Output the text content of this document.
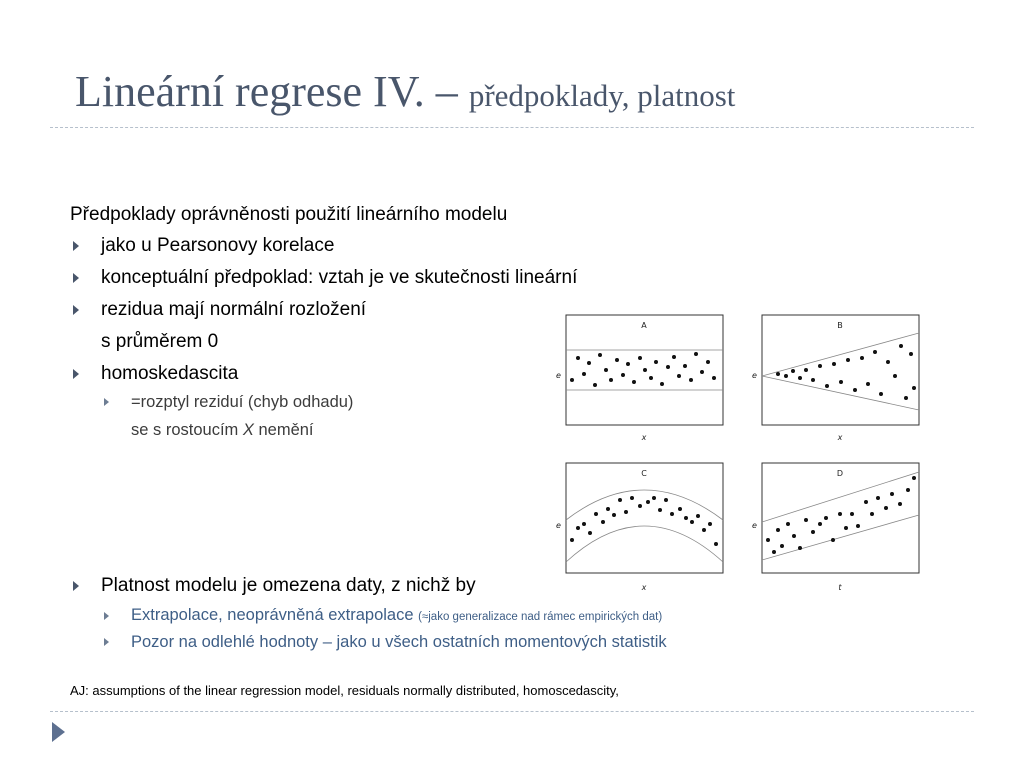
Lineární regrese IV. – předpoklady, platnost
Předpoklady oprávněnosti použití lineárního modelu
jako u Pearsonovy korelace
konceptuální předpoklad: vztah je ve skutečnosti lineární
rezidua mají normální rozložení
s průměrem 0
homoskedascita
=rozptyl reziduí (chyb odhadu)
se s rostoucím X nemění
A
e
x
B
e
x
C
e
x
D
e
t
Platnost modelu je omezena daty, z nichž by
Extrapolace, neoprávněná extrapolace (≈jako generalizace nad rámec empirických dat)
Pozor na odlehlé hodnoty – jako u všech ostatních momentových statistik
AJ: assumptions of the linear regression model, residuals normally distributed, homoscedascity,
